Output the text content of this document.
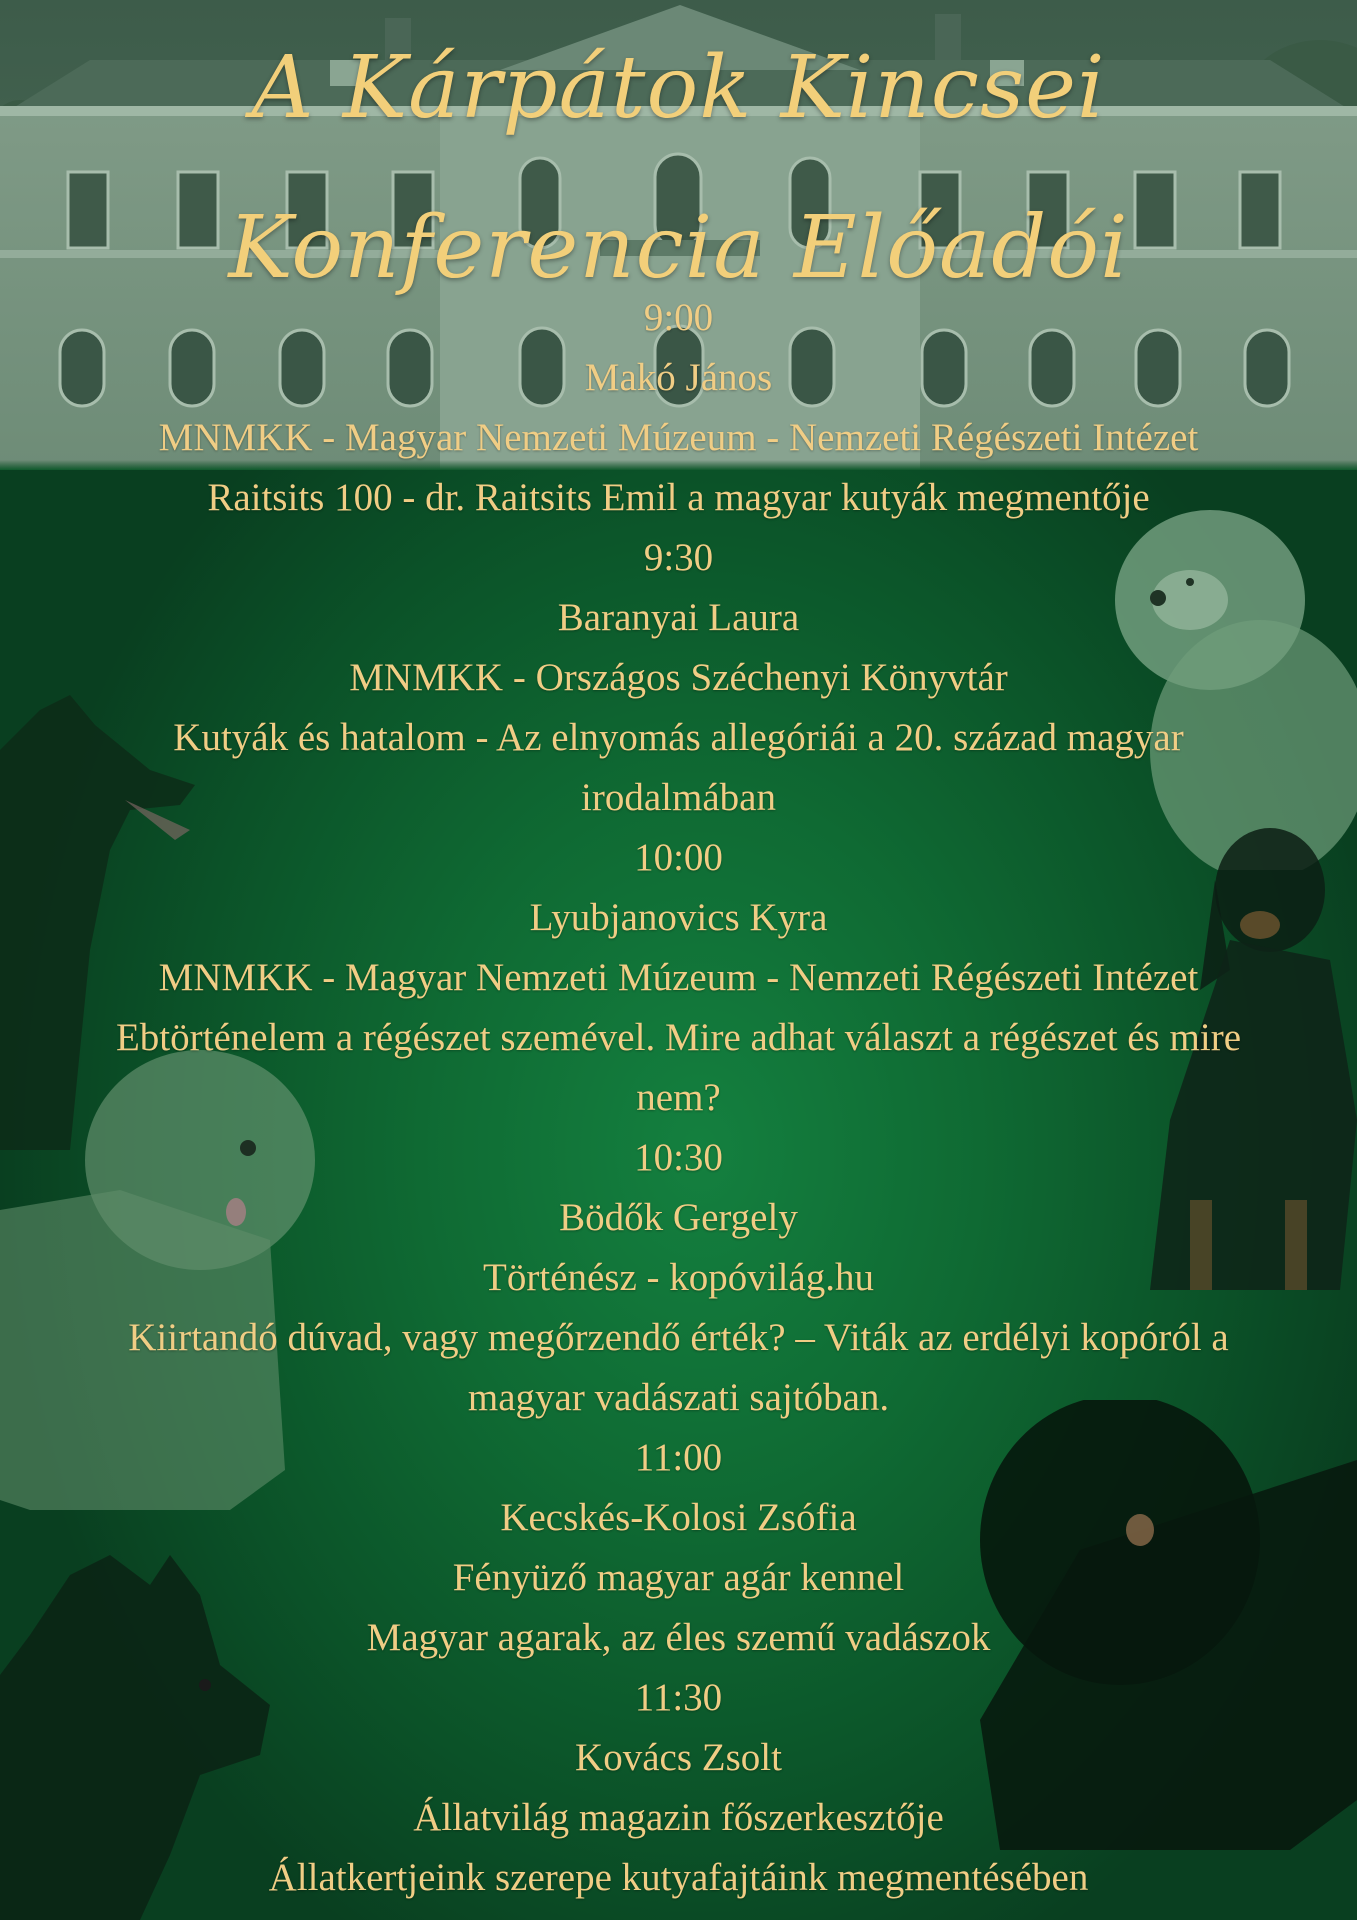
A Kárpátok Kincsei
Konferencia Előadói
9:00
Makó János
MNMKK - Magyar Nemzeti Múzeum - Nemzeti Régészeti Intézet
Raitsits 100 - dr. Raitsits Emil a magyar kutyák megmentője
9:30
Baranyai Laura
MNMKK - Országos Széchenyi Könyvtár
Kutyák és hatalom - Az elnyomás allegóriái a 20. század magyar
irodalmában
10:00
Lyubjanovics Kyra
MNMKK - Magyar Nemzeti Múzeum - Nemzeti Régészeti Intézet
Ebtörténelem a régészet szemével. Mire adhat választ a régészet és mire
nem?
10:30
Bödők Gergely
Történész - kopóvilág.hu
Kiirtandó dúvad, vagy megőrzendő érték? – Viták az erdélyi kopóról a
magyar vadászati sajtóban.
11:00
Kecskés-Kolosi Zsófia
Fényüző magyar agár kennel
Magyar agarak, az éles szemű vadászok
11:30
Kovács Zsolt
Állatvilág magazin főszerkesztője
Állatkertjeink szerepe kutyafajtáink megmentésében
